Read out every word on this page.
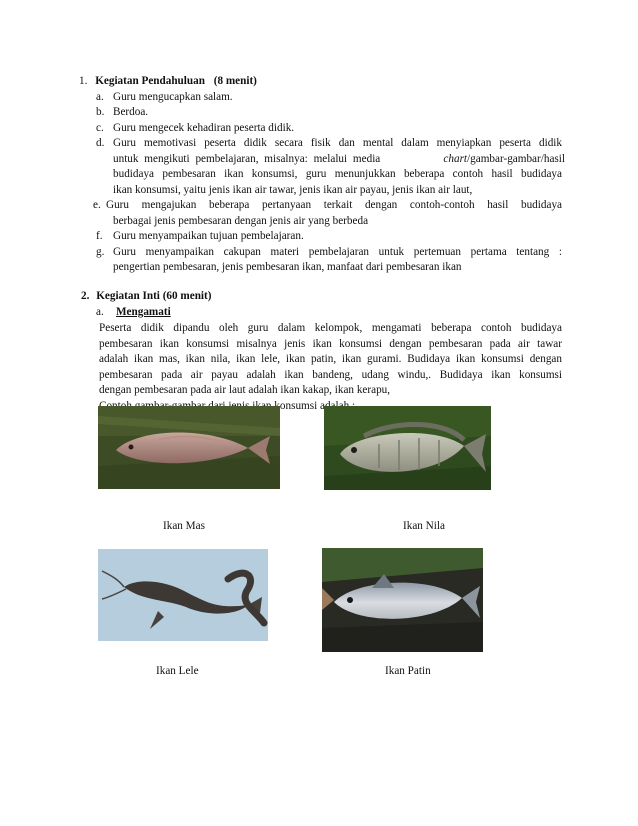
1. Kegiatan Pendahuluan (8 menit)
a. Guru mengucapkan salam.
b. Berdoa.
c. Guru mengecek kehadiran peserta didik.
d. Guru memotivasi peserta didik secara fisik dan mental dalam menyiapkan peserta didik
untuk mengikuti pembelajaran, misalnya: melalui media	chart/gambar-gambar/hasil
budidaya pembesaran ikan konsumsi, guru menunjukkan beberapa contoh hasil budidaya
ikan konsumsi, yaitu jenis ikan air tawar, jenis ikan air payau, jenis ikan air laut,
e. Guru mengajukan beberapa pertanyaan terkait dengan contoh-contoh hasil budidaya
berbagai jenis pembesaran dengan jenis air yang berbeda
f. Guru menyampaikan tujuan pembelajaran.
g. Guru menyampaikan cakupan materi pembelajaran untuk pertemuan pertama tentang :
pengertian pembesaran, jenis pembesaran ikan, manfaat dari pembesaran ikan
2. Kegiatan Inti (60 menit)
a. Mengamati
Peserta didik dipandu oleh guru dalam kelompok, mengamati beberapa contoh budidaya
pembesaran ikan konsumsi misalnya jenis ikan konsumsi dengan pembesaran pada air tawar
adalah ikan mas, ikan nila, ikan lele, ikan patin, ikan gurami. Budidaya ikan konsumsi dengan
pembesaran pada air payau adalah ikan bandeng, udang windu,. Budidaya ikan konsumsi
dengan pembesaran pada air laut adalah ikan kakap, ikan kerapu,
konsumsi
Ikan Mas	Ikan Nila
Ikan Lele	Ikan Patin
